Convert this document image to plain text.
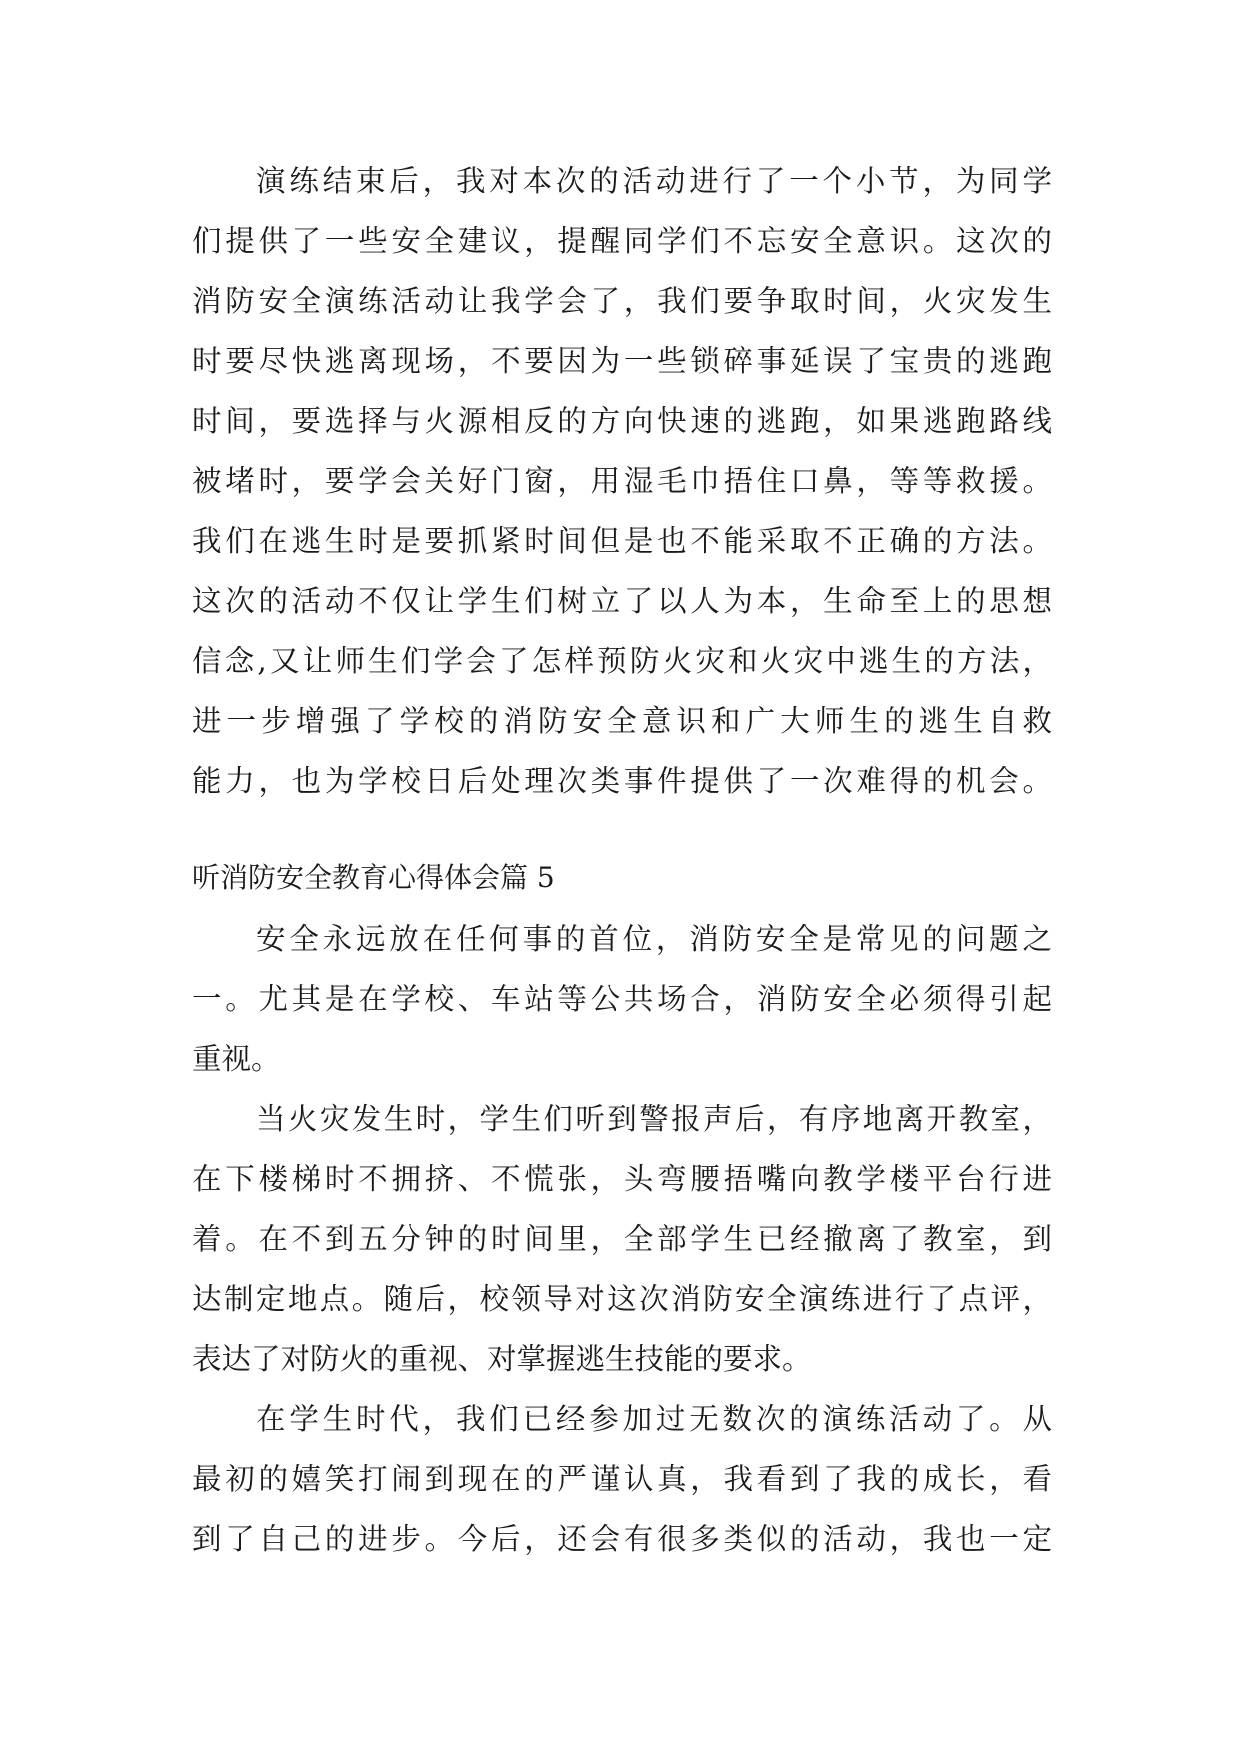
演练结束后，我对本次的活动进行了一个小节，为同学
们提供了一些安全建议，提醒同学们不忘安全意识。这次的
消防安全演练活动让我学会了，我们要争取时间，火灾发生
时要尽快逃离现场，不要因为一些锁碎事延误了宝贵的逃跑
时间，要选择与火源相反的方向快速的逃跑，如果逃跑路线
被堵时，要学会关好门窗，用湿毛巾捂住口鼻，等等救援。
我们在逃生时是要抓紧时间但是也不能采取不正确的方法。
这次的活动不仅让学生们树立了以人为本，生命至上的思想
信念,又让师生们学会了怎样预防火灾和火灾中逃生的方法，
进一步增强了学校的消防安全意识和广大师生的逃生自救
能力，也为学校日后处理次类事件提供了一次难得的机会。
听消防安全教育心得体会篇 5
安全永远放在任何事的首位，消防安全是常见的问题之
一。尤其是在学校、车站等公共场合，消防安全必须得引起
重视。
当火灾发生时，学生们听到警报声后，有序地离开教室，
在下楼梯时不拥挤、不慌张，头弯腰捂嘴向教学楼平台行进
着。在不到五分钟的时间里，全部学生已经撤离了教室，到
达制定地点。随后，校领导对这次消防安全演练进行了点评，
表达了对防火的重视、对掌握逃生技能的要求。
在学生时代，我们已经参加过无数次的演练活动了。从
最初的嬉笑打闹到现在的严谨认真，我看到了我的成长，看
到了自己的进步。今后，还会有很多类似的活动，我也一定
